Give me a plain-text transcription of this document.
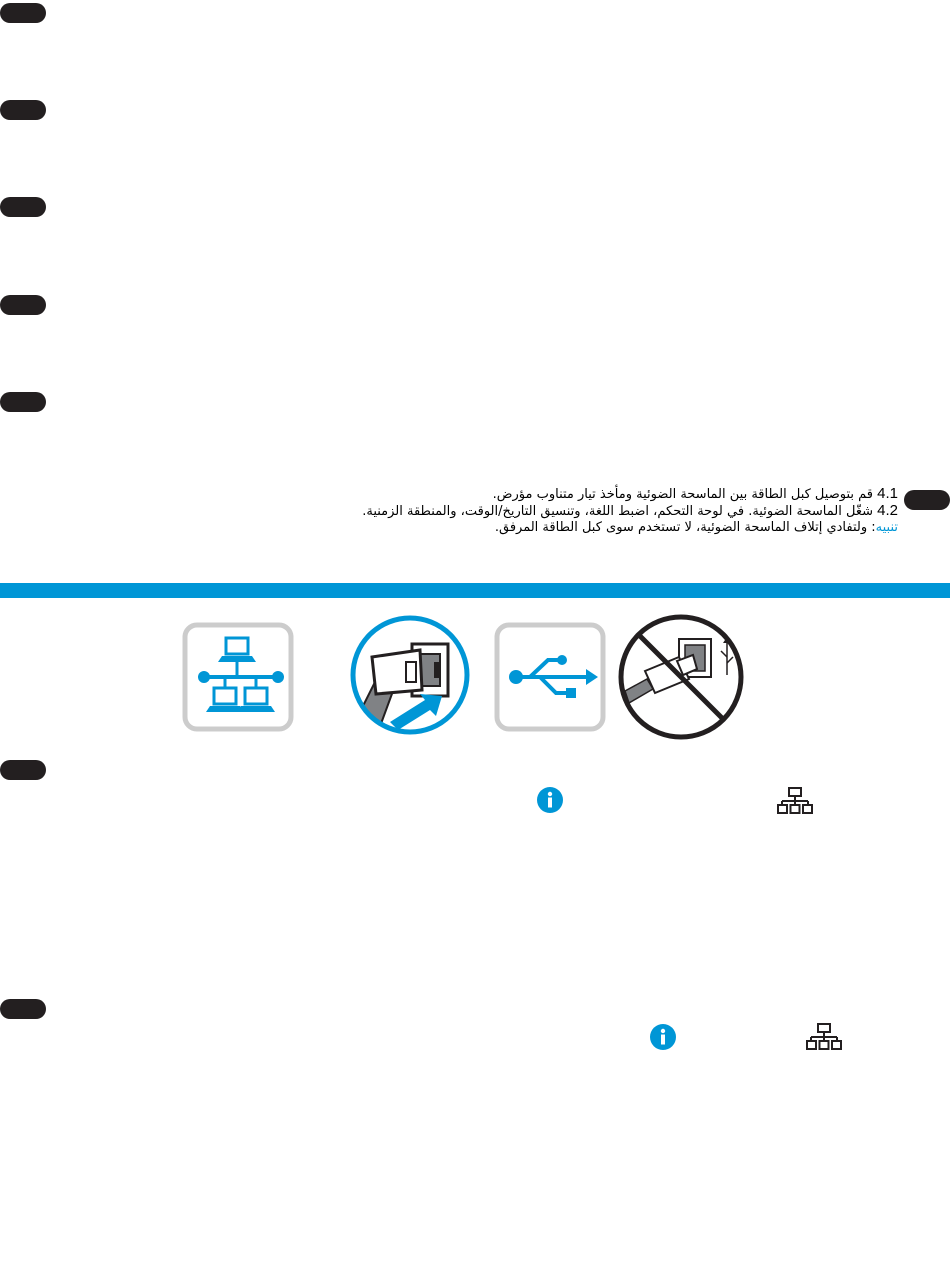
4.1 قم بتوصيل كبل الطاقة بين الماسحة الضوئية ومأخذ تيار متناوب مؤرض.
4.2 شغّل الماسحة الضوئية. في لوحة التحكم، اضبط اللغة، وتنسيق التاريخ/الوقت، والمنطقة الزمنية.
تنبيه: ولتفادي إتلاف الماسحة الضوئية، لا تستخدم سوى كبل الطاقة المرفق.
